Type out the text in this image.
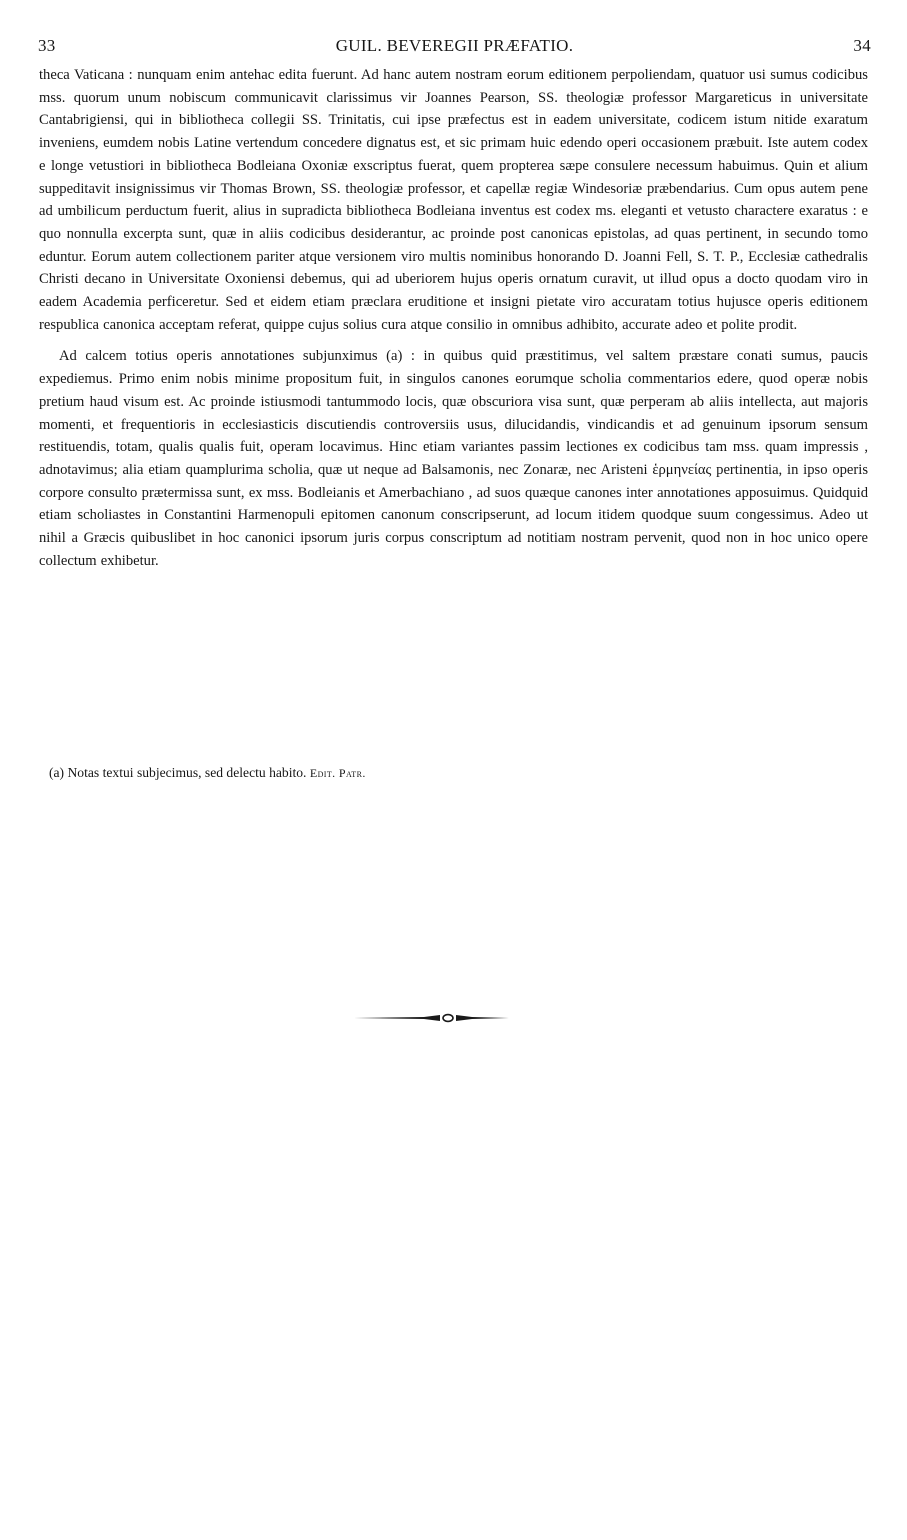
33	GUIL. BEVEREGII PRÆFATIO.	34

theca Vaticana : nunquam enim antehac edita fuerunt. Ad hanc autem nostram eorum editionem perpoliendam, quatuor usi sumus codicibus mss. quorum unum nobiscum communicavit clarissimus vir Joannes Pearson, SS. theologiæ professor Margareticus in universitate Cantabrigiensi, qui in bibliotheca collegii SS. Trinitatis, cui ipse præfectus est in eadem universitate, codicem istum nitide exaratum inveniens, eumdem nobis Latine vertendum concedere dignatus est, et sic primam huic edendo operi occasionem præbuit. Iste autem codex e longe vetustiori in bibliotheca Bodleiana Oxoniæ exscriptus fuerat, quem propterea sæpe consulere necessum habuimus. Quin et alium suppeditavit insignissimus vir Thomas Brown, SS. theologiæ professor, et capellæ regiæ Windesoriæ præbendarius. Cum opus autem pene ad umbilicum perductum fuerit, alius in supradicta bibliotheca Bodleiana inventus est codex ms. eleganti et vetusto charactere exaratus : e quo nonnulla excerpta sunt, quæ in aliis codicibus desiderantur, ac proinde post canonicas epistolas, ad quas pertinent, in secundo tomo eduntur. Eorum autem collectionem pariter atque versionem viro multis nominibus honorando D. Joanni Fell, S. T. P., Ecclesiæ cathedralis Christi decano in Universitate Oxoniensi debemus, qui ad uberiorem hujus operis ornatum curavit, ut illud opus a docto quodam viro in eadem Academia perficeretur. Sed et eidem etiam præclara eruditione et insigni pietate viro accuratam totius hujusce operis editionem respublica canonica acceptam referat, quippe cujus solius cura atque consilio in omnibus adhibito, accurate adeo et polite prodit.

Ad calcem totius operis annotationes subjunximus (a) : in quibus quid præstitimus, vel saltem præstare conati sumus, paucis expediemus. Primo enim nobis minime propositum fuit, in singulos canones eorumque scholia commentarios edere, quod operæ nobis pretium haud visum est. Ac proinde istiusmodi tantummodo locis, quæ obscuriora visa sunt, quæ perperam ab aliis intellecta, aut majoris momenti, et frequentioris in ecclesiasticis discutiendis controversiis usus, dilucidandis, vindicandis et ad genuinum ipsorum sensum restituendis, totam, qualis qualis fuit, operam locavimus. Hinc etiam variantes passim lectiones ex codicibus tam mss. quam impressis , adnotavimus; alia etiam quamplurima scholia, quæ ut neque ad Balsamonis, nec Zonaræ, nec Aristeni ἑρμηνείας pertinentia, in ipso operis corpore consulto prætermissa sunt, ex mss. Bodleianis et Amerbachiano , ad suos quæque canones inter annotationes apposuimus. Quidquid etiam scholiastes in Constantini Harmenopuli epitomen canonum conscripserunt, ad locum itidem quodque suum congessimus. Adeo ut nihil a Græcis quibuslibet in hoc canonici ipsorum juris corpus conscriptum ad notitiam nostram pervenit, quod non in hoc unico opere collectum exhibetur.

(a) Notas textui subjecimus, sed delectu habito. Edit. Patr.
